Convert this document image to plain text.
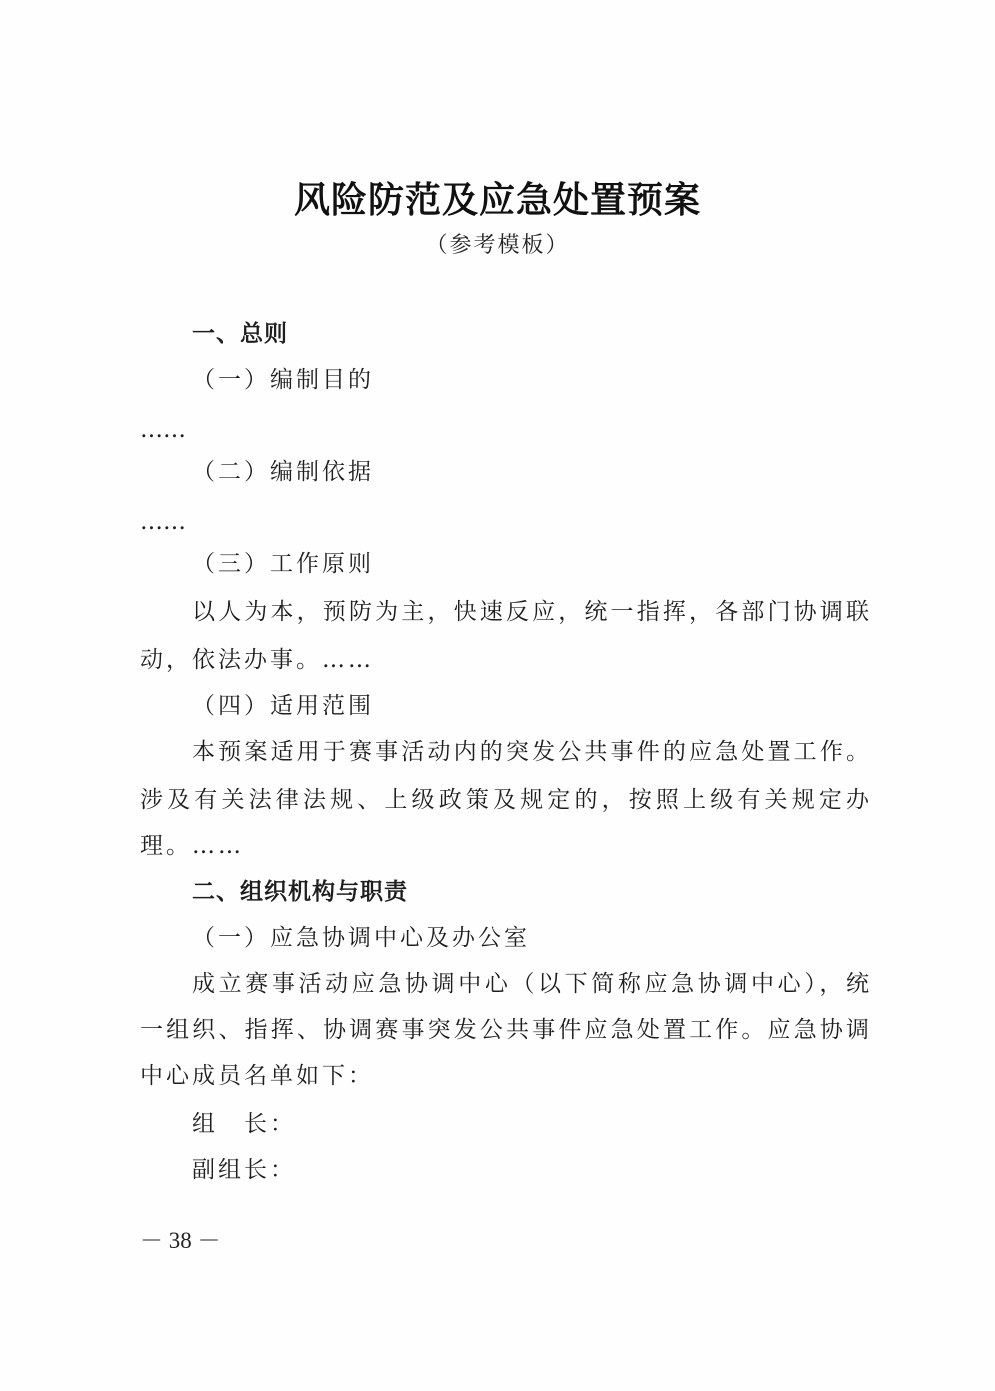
风险防范及应急处置预案

（参考模板）

一、总则

（一）编制目的

……

（二）编制依据

……

（三）工作原则

以人为本，预防为主，快速反应，统一指挥，各部门协调联

动，依法办事。……

（四）适用范围

本预案适用于赛事活动内的突发公共事件的应急处置工作。

涉及有关法律法规、上级政策及规定的，按照上级有关规定办

理。……

二、组织机构与职责

（一）应急协调中心及办公室

成立赛事活动应急协调中心（以下简称应急协调中心），统

一组织、指挥、协调赛事突发公共事件应急处置工作。应急协调

中心成员名单如下：

组　长：

副组长：

－ 38 －
